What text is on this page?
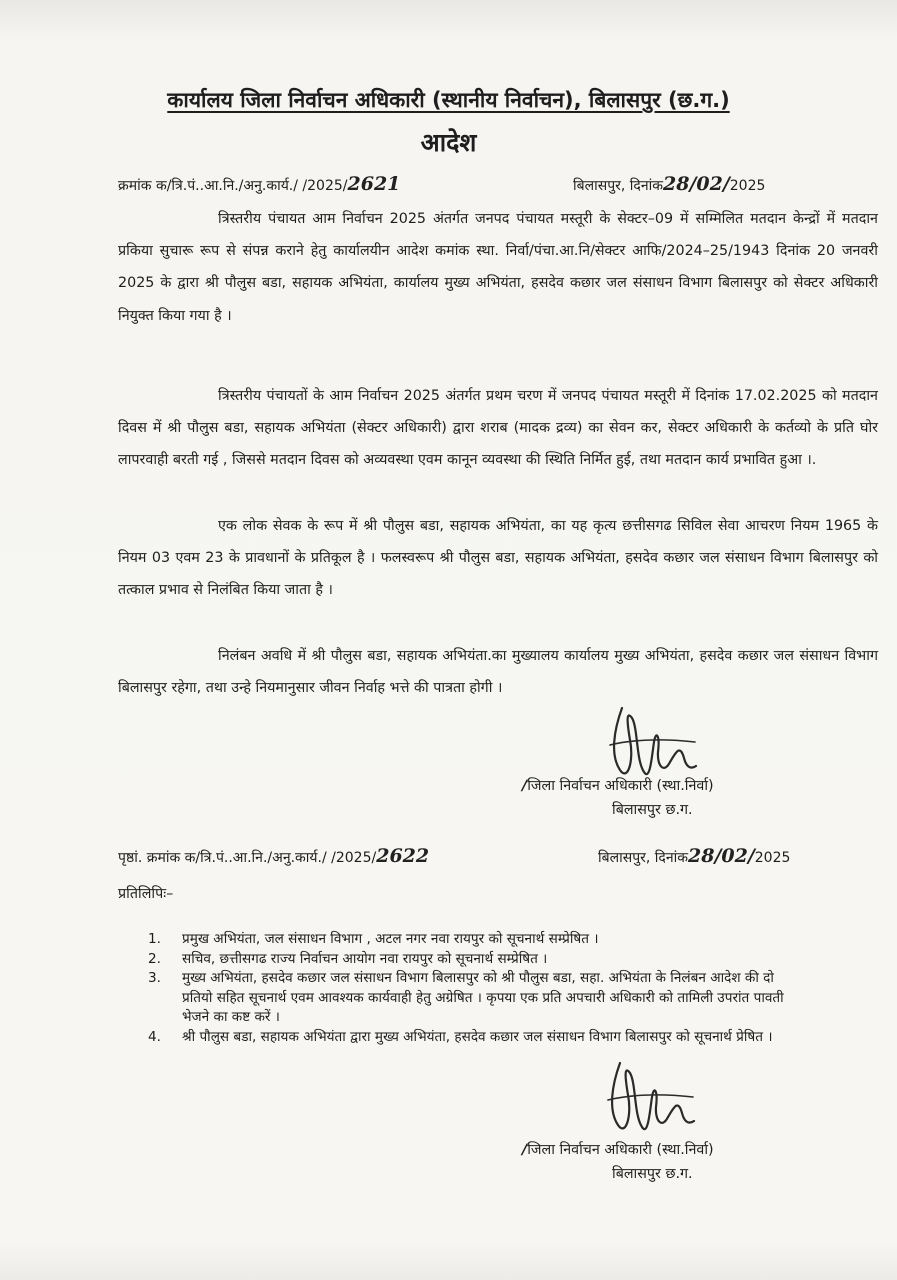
कार्यालय जिला निर्वाचन अधिकारी (स्थानीय निर्वाचन), बिलासपुर (छ.ग.)
आदेश
क्रमांक क/त्रि.पं..आ.नि./अनु.कार्य./ /2025/2621	बिलासपुर, दिनांक28/02/2025

त्रिस्तरीय पंचायत आम निर्वाचन 2025 अंतर्गत जनपद पंचायत मस्तूरी के सेक्टर–09 में सम्मिलित मतदान केन्द्रों में मतदान प्रकिया सुचारू रूप से संपन्न कराने हेतु कार्यालयीन आदेश कमांक स्था. निर्वा/पंचा.आ.नि/सेक्टर आफि/2024–25/1943 दिनांक 20 जनवरी 2025 के द्वारा श्री पौलुस बडा, सहायक अभियंता, कार्यालय मुख्य अभियंता, हसदेव कछार जल संसाधन विभाग बिलासपुर को सेक्टर अधिकारी नियुक्त किया गया है ।

त्रिस्तरीय पंचायतों के आम निर्वाचन 2025 अंतर्गत प्रथम चरण में जनपद पंचायत मस्तूरी में दिनांक 17.02.2025 को मतदान दिवस में श्री पौलुस बडा, सहायक अभियंता (सेक्टर अधिकारी) द्वारा शराब (मादक द्रव्य) का सेवन कर, सेक्टर अधिकारी के कर्तव्यो के प्रति घोर लापरवाही बरती गई , जिससे मतदान दिवस को अव्यवस्था एवम कानून व्यवस्था की स्थिति निर्मित हुई, तथा मतदान कार्य प्रभावित हुआ ।.

एक लोक सेवक के रूप में श्री पौलुस बडा, सहायक अभियंता, का यह कृत्य छत्तीसगढ सिविल सेवा आचरण नियम 1965 के नियम 03 एवम 23 के प्रावधानों के प्रतिकूल है । फलस्वरूप श्री पौलुस बडा, सहायक अभियंता, हसदेव कछार जल संसाधन विभाग बिलासपुर को तत्काल प्रभाव से निलंबित किया जाता है ।

निलंबन अवधि में श्री पौलुस बडा, सहायक अभियंता.का मुख्यालय कार्यालय मुख्य अभियंता, हसदेव कछार जल संसाधन विभाग बिलासपुर रहेगा, तथा उन्हे नियमानुसार जीवन निर्वाह भत्ते की पात्रता होगी ।

/जिला निर्वाचन अधिकारी (स्था.निर्वा)
बिलासपुर छ.ग.
पृष्ठां. क्रमांक क/त्रि.पं..आ.नि./अनु.कार्य./ /2025/2622	बिलासपुर, दिनांक28/02/2025
प्रतिलिपिः–
1. प्रमुख अभियंता, जल संसाधन विभाग , अटल नगर नवा रायपुर को सूचनार्थ सम्प्रेषित ।
2. सचिव, छत्तीसगढ राज्य निर्वाचन आयोग नवा रायपुर को सूचनार्थ सम्प्रेषित ।
3. मुख्य अभियंता, हसदेव कछार जल संसाधन विभाग बिलासपुर को श्री पौलुस बडा, सहा. अभियंता के निलंबन आदेश की दो प्रतियो सहित सूचनार्थ एवम आवश्यक कार्यवाही हेतु अग्रेषित । कृपया एक प्रति अपचारी अधिकारी को तामिली उपरांत पावती भेजने का कष्ट करें ।
4. श्री पौलुस बडा, सहायक अभियंता द्वारा मुख्य अभियंता, हसदेव कछार जल संसाधन विभाग बिलासपुर को सूचनार्थ प्रेषित ।
/जिला निर्वाचन अधिकारी (स्था.निर्वा)
बिलासपुर छ.ग.
